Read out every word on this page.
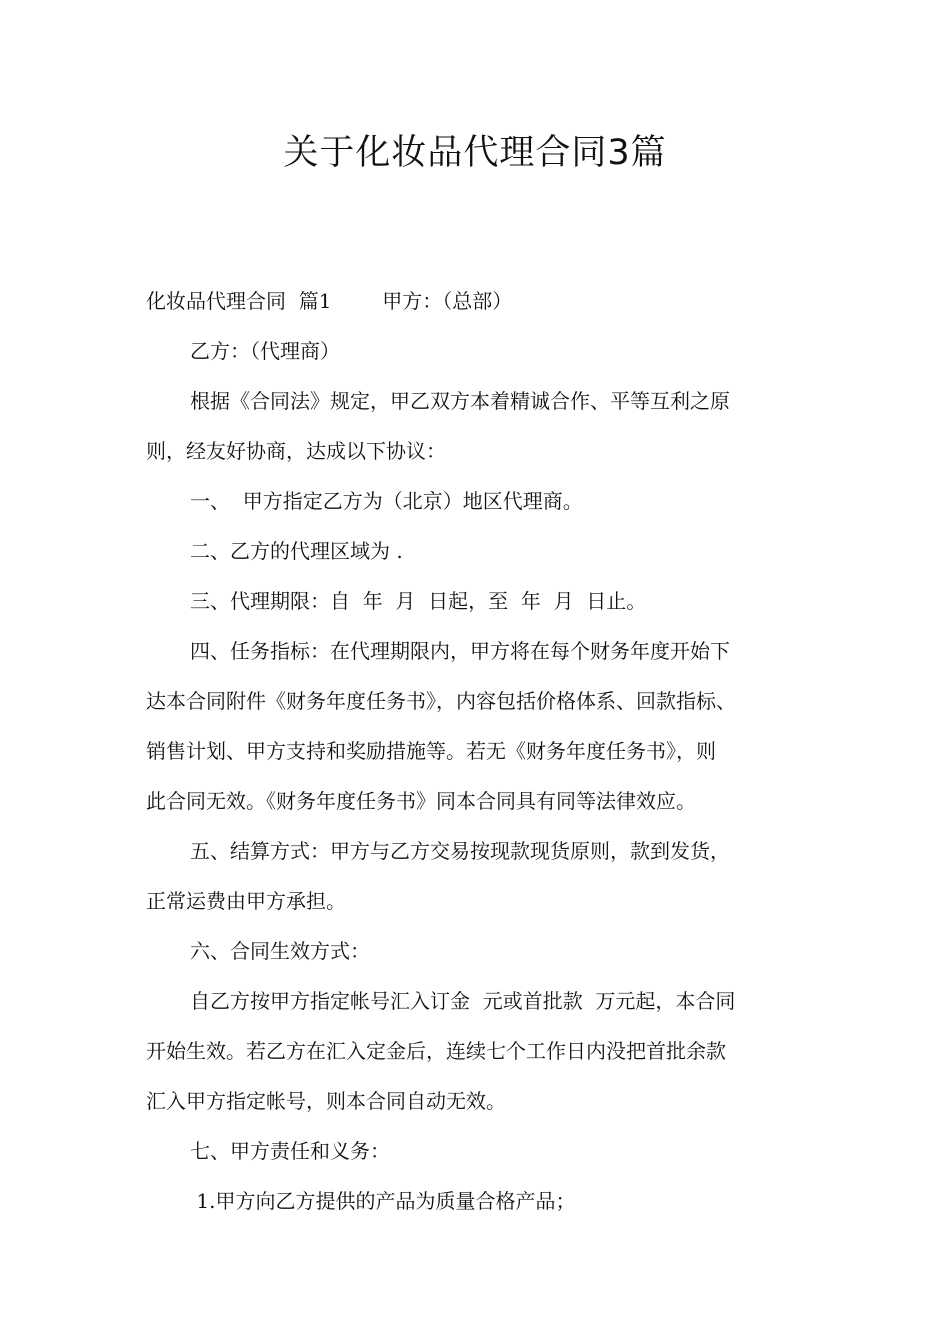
关于化妆品代理合同3篇
化妆品代理合同  篇1        甲方：（总部）
乙方：（代理商）
根据《合同法》规定，甲乙双方本着精诚合作、平等互利之原
则，经友好协商，达成以下协议：
一、  甲方指定乙方为（北京）地区代理商。
二、乙方的代理区域为 .
三、代理期限：自  年  月  日起，至  年  月  日止。
四、任务指标：在代理期限内，甲方将在每个财务年度开始下
达本合同附件《财务年度任务书》，内容包括价格体系、回款指标、
销售计划、甲方支持和奖励措施等。若无《财务年度任务书》，则
此合同无效。《财务年度任务书》同本合同具有同等法律效应。
五、结算方式：甲方与乙方交易按现款现货原则，款到发货，
正常运费由甲方承担。
六、合同生效方式：
自乙方按甲方指定帐号汇入订金  元或首批款  万元起，本合同
开始生效。若乙方在汇入定金后，连续七个工作日内没把首批余款
汇入甲方指定帐号，则本合同自动无效。
七、甲方责任和义务：
1.甲方向乙方提供的产品为质量合格产品；
